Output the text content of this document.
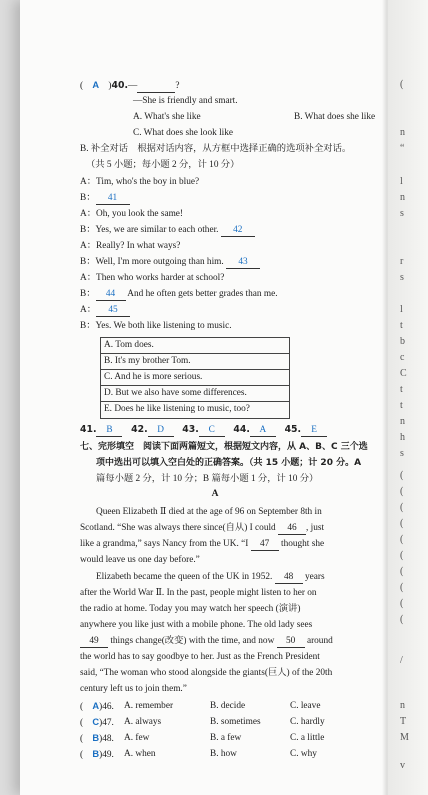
(　A　)40.—	?
—She is friendly and smart.
A. What's she like	B. What does she like
C. What does she look like
B. 补全对话　根据对话内容，从方框中选择正确的选项补全对话。
（共 5 小题；每小题 2 分，计 10 分）
A：Tim, who's the boy in blue?
B： 41
A：Oh, you look the same!
B：Yes, we are similar to each other. 42
A：Really? In what ways?
B：Well, I'm more outgoing than him. 43
A：Then who works harder at school?
B： 44 And he often gets better grades than me.
A： 45
B：Yes. We both like listening to music.
A. Tom does.
B. It's my brother Tom.
C. And he is more serious.
D. But we also have some differences.
E. Does he like listening to music, too?
41. B 42. D 43. C 44. A 45. E
七、完形填空　阅读下面两篇短文，根据短文内容，从 A、B、C 三个选
项中选出可以填入空白处的正确答案。（共 15 小题；计 20 分。A
篇每小题 2 分，计 10 分；B 篇每小题 1 分，计 10 分）
A
Queen Elizabeth Ⅱ died at the age of 96 on September 8th in
Scotland. “She was always there since(自从) I could 46 , just
like a grandma,” says Nancy from the UK. “I 47 thought she
would leave us one day before.”
Elizabeth became the queen of the UK in 1952. 48 years
after the World War Ⅱ. In the past, people might listen to her on
the radio at home. Today you may watch her speech (演讲)
anywhere you like just with a mobile phone. The old lady sees
49 things change(改变) with the time, and now 50 around
the world has to say goodbye to her. Just as the French President
said, “The woman who stood alongside the giants(巨人) of the 20th
century left us to join them.”
(　A)46. A. remember	B. decide	C. leave
(　C)47. A. always	B. sometimes	C. hardly
(　B)48. A. few	B. a few	C. a little
(　B)49. A. when	B. how	C. why
(
n
“
l
n
s
r
s
l
t
b
c
C
t
t
n
h
s
(
(
(
(
(
(
(
(
(
(
/
n
T
M
v
